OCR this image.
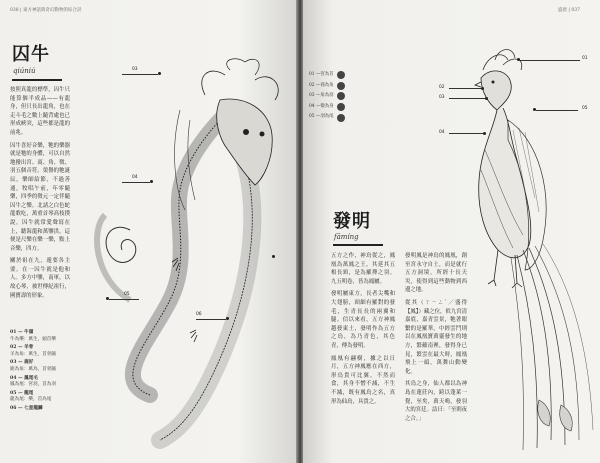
038 | 東方神話與奇幻動物的綜合詳
囚牛
qiúniú

按照真龍的標準，囚牛只能算個半成品——有龍身，但只長出龍角，也在走斗毛之數上隨背處也已形成峽突，這些都是龍的前兆。

囚牛喜好音樂，牠的樂器就是牠的身體，可以自然地撥出宮、商、角、徵、羽五個音符。榮譽的牠誕辰，樂師給節，不過善通，牧唱午前，年零隨樂，四季的徵元一定伴隨囚牛之樂。北諸之白色蛇龍歌吃，萬重首琴高枝撲說，囚牛就常愛聲寫在上，聽海龍和萬鑒洪。這便是尺樂在樂一樂，點上音樂，四方。

關於祖在九，遁要各主要。在一囚牛就是他和人。多方中鑒，南軍，以故心琴，被世傳紀祖行，國寶壽的形象。

01 — 牛頭
牛為樂：萬生，頭首樂
02 — 羊骨
羊為角：萬生，首骨隨
03 — 鹿好
鹿為角：萬為，首骨隨
04 — 鳳尾毛
鳳為尾：宮羽，首為羽
05 — 龍尾
龍為尾：樂，首為尾
06 — 七星龍鱗
03
04
05
06
盛唐 | 037
01 — 宮為首
02 — 商為角
03 — 角為羽
04 — 徵為身
05 — 羽為尾
發明
fāmíng

五方之作，神鳥從之，鳳凰為萬鳳之王，其延其五根長頸，是為羅擇之羽。九五明卷，皆為鳳屬。

發明屬東方，長者尖嘴和大翅膀，頸細有羅對的發毛，生青長長的兩翼和腿。信以來看，五方神鳳越發東土，發明作為五方之鳥，為乃青色，其色青，傳為發明。

鳳凰有翮樹，據之以日月，五方神鳳應在西方，形鳥貴可比翼，不然而食，其身不憎不減，不生不滅，既有鳳鳥之名，真形為仙鳥，具貴之。

發明鳳是神鳥的鳳凰，創至宮永守自土，而是就行五方洞境，所經十長天災，使得到這些動物到西邊之地。

從其（ㄒㄧㄥˋ／盛得【鳳】）藏之位，似九宮清嘉底，嘉青雲景，牠著眼繫的是羅華，中經雲鬥則以在鳳凰寶萬靈發生的地方，繁蘊南裡，發得身已見，繁雲在最大時，鳳凰飛上一頭，萬舞山動變化。

其鳥之身，仙人都以為神島在蓮莊內，跨以蓬萊一覺，至矣，萬天鳴，發羽大的宮廷。詰曰：「至則夜之合。」

01
02
03
04
05
